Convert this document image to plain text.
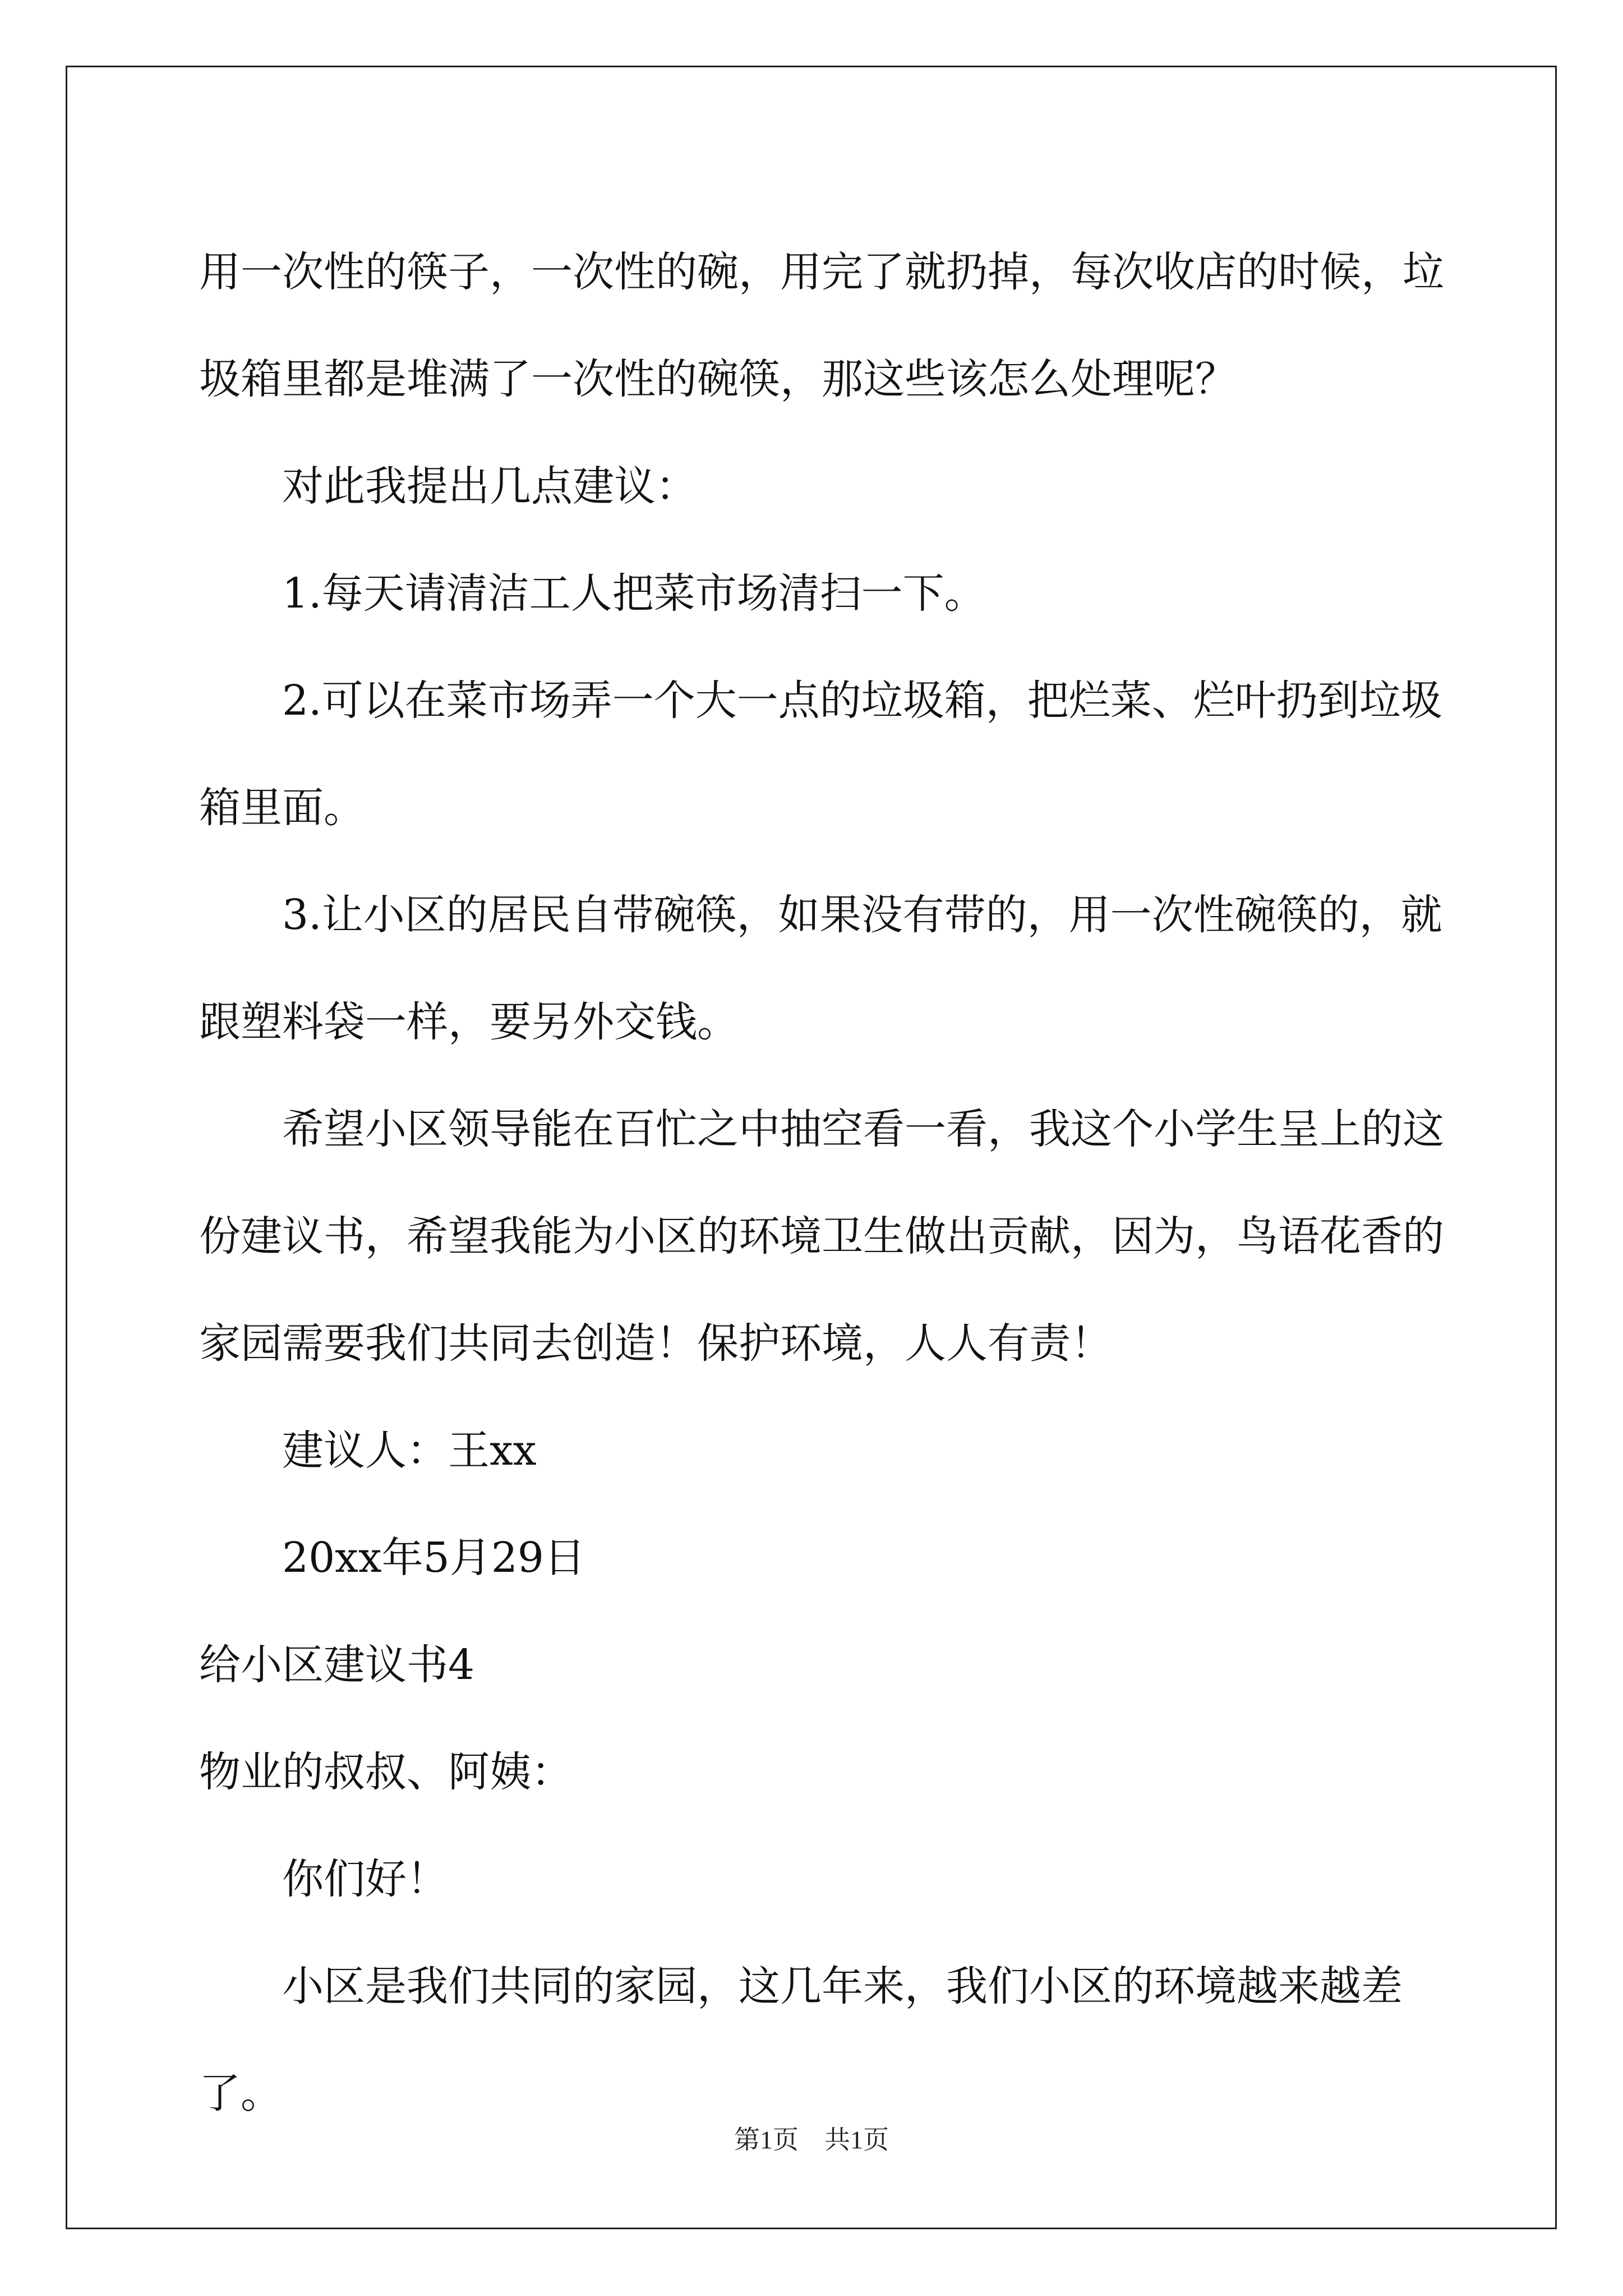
用一次性的筷子，一次性的碗，用完了就扔掉，每次收店的时候，垃圾箱里都是堆满了一次性的碗筷，那这些该怎么处理呢？

对此我提出几点建议：

1.每天请清洁工人把菜市场清扫一下。

2.可以在菜市场弄一个大一点的垃圾箱，把烂菜、烂叶扔到垃圾箱里面。

3.让小区的居民自带碗筷，如果没有带的，用一次性碗筷的，就跟塑料袋一样，要另外交钱。

希望小区领导能在百忙之中抽空看一看，我这个小学生呈上的这份建议书，希望我能为小区的环境卫生做出贡献，因为，鸟语花香的家园需要我们共同去创造！保护环境，人人有责！

建议人：王xx

20xx年5月29日

给小区建议书4

物业的叔叔、阿姨：

你们好！

小区是我们共同的家园，这几年来，我们小区的环境越来越差了。

第1页　共1页
